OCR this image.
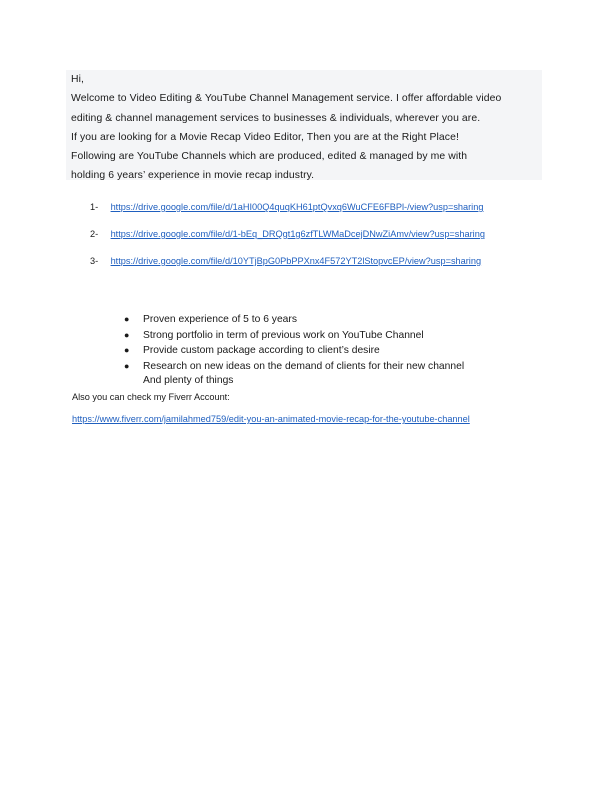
Hi,
Welcome to Video Editing & YouTube Channel Management service. I offer affordable video
editing & channel management services to businesses & individuals, wherever you are.
If you are looking for a Movie Recap Video Editor, Then you are at the Right Place!
Following are YouTube Channels which are produced, edited & managed by me with
holding 6 years’ experience in movie recap industry.
1- https://drive.google.com/file/d/1aHI00Q4quqKH61ptQvxq6WuCFE6FBPl-/view?usp=sharing
2- https://drive.google.com/file/d/1-bEq_DRQgt1g6zfTLWMaDcejDNwZiAmv/view?usp=sharing
3- https://drive.google.com/file/d/10YTjBpG0PbPPXnx4F572YT2lStopvcEP/view?usp=sharing
● Proven experience of 5 to 6 years
● Strong portfolio in term of previous work on YouTube Channel
● Provide custom package according to client’s desire
● Research on new ideas on the demand of clients for their new channel
And plenty of things
Also you can check my Fiverr Account:
https://www.fiverr.com/jamilahmed759/edit-you-an-animated-movie-recap-for-the-youtube-channel
